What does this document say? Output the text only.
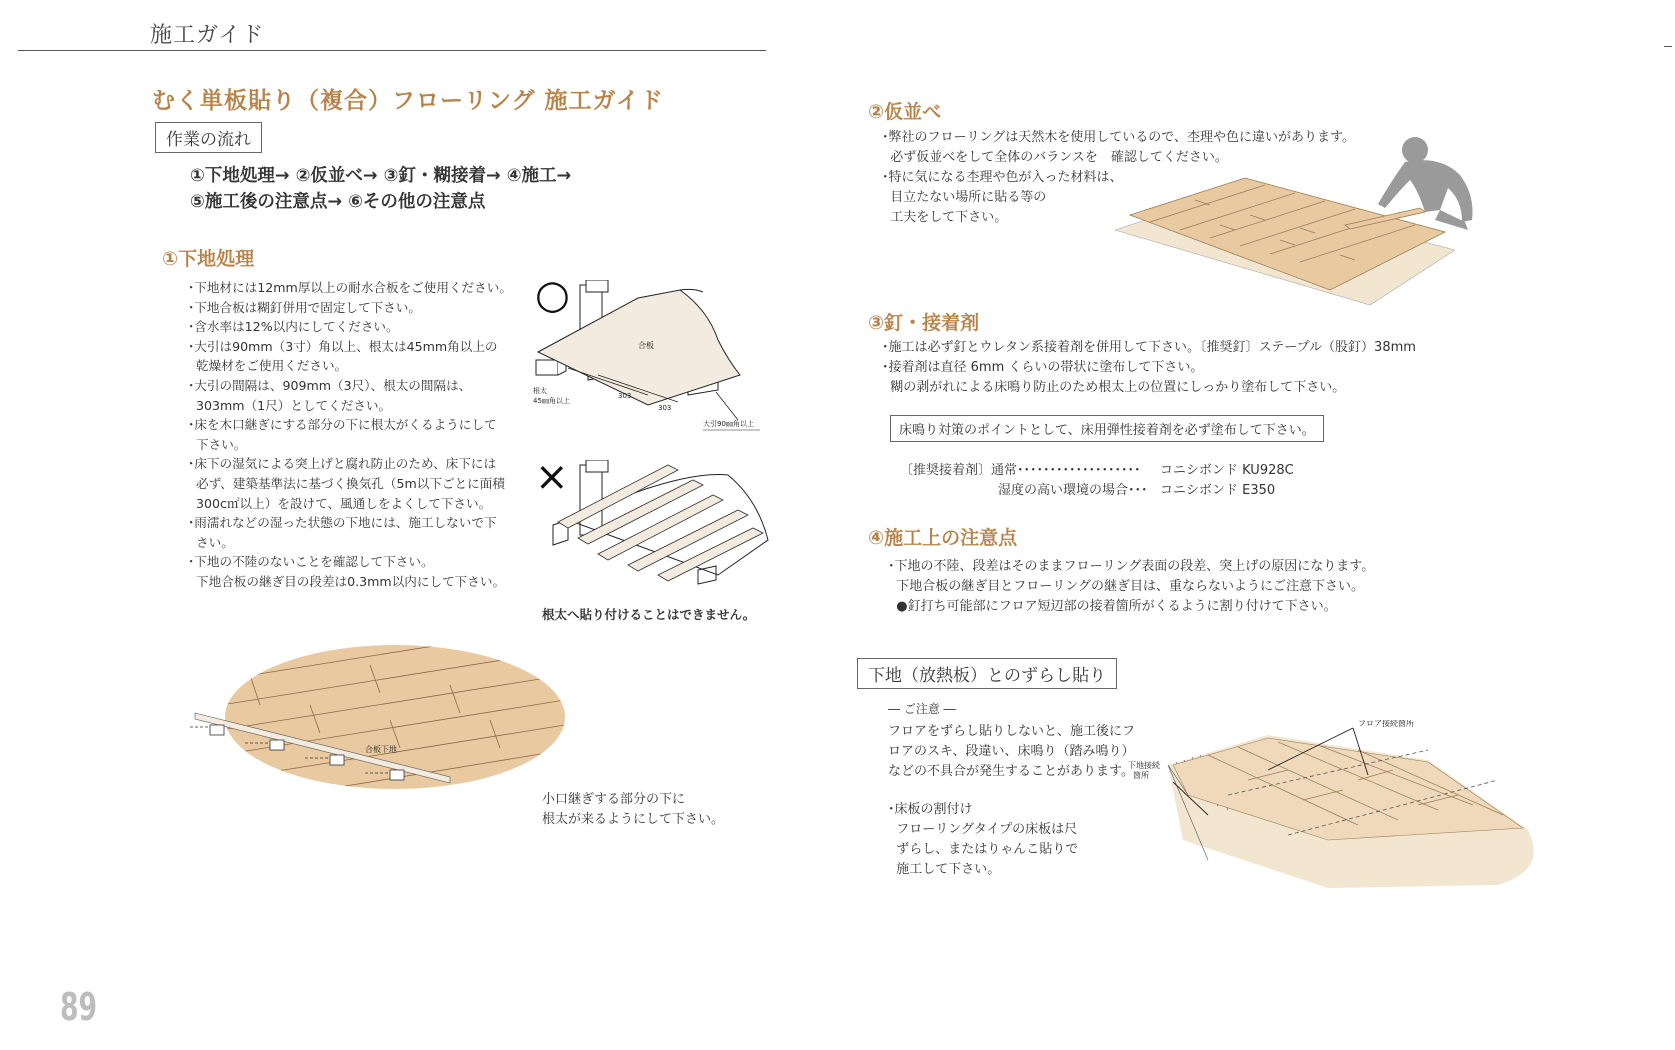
施工ガイド
むく単板貼り（複合）フローリング 施工ガイド
作業の流れ
①下地処理→ ②仮並べ→ ③釘・糊接着→ ④施工→
⑤施工後の注意点→ ⑥その他の注意点
①下地処理
･下地材には12mm厚以上の耐水合板をご使用ください。
･下地合板は糊釘併用で固定して下さい。
･含水率は12%以内にしてください。
･大引は90mm（3寸）角以上、根太は45mm角以上の
乾燥材をご使用ください。
･大引の間隔は、909mm（3尺）、根太の間隔は、
303mm（1尺）としてください。
･床を木口継ぎにする部分の下に根太がくるようにして
下さい。
･床下の湿気による突上げと腐れ防止のため、床下には
必ず、建築基準法に基づく換気孔（5m以下ごとに面積
300c㎡以上）を設けて、風通しをよくして下さい。
･雨濡れなどの湿った状態の下地には、施工しないで下
さい。
･下地の不陸のないことを確認して下さい。
下地合板の継ぎ目の段差は0.3mm以内にして下さい。
○
合板
根太
45㎜角以上
303
303
大引90㎜角以上
×
根太へ貼り付けることはできません。
合板下地
小口継ぎする部分の下に
根太が来るようにして下さい。
89
②仮並べ
･弊社のフローリングは天然木を使用しているので、杢理や色に違いがあります。
必ず仮並べをして全体のバランスを　確認してください。
･特に気になる杢理や色が入った材料は、
目立たない場所に貼る等の
工夫をして下さい。
③釘・接着剤
･施工は必ず釘とウレタン系接着剤を併用して下さい。〔推奨釘〕ステープル（股釘）38mm
･接着剤は直径 6mm くらいの帯状に塗布して下さい。
糊の剥がれによる床鳴り防止のため根太上の位置にしっかり塗布して下さい。
床鳴り対策のポイントとして、床用弾性接着剤を必ず塗布して下さい。
〔推奨接着剤〕通常･･･････････････････ コニシボンド KU928C
湿度の高い環境の場合･･･ コニシボンド E350
④施工上の注意点
･下地の不陸、段差はそのままフローリング表面の段差、突上げの原因になります。
下地合板の継ぎ目とフローリングの継ぎ目は、重ならないようにご注意下さい。
●釘打ち可能部にフロア短辺部の接着箇所がくるように割り付けて下さい。
下地（放熱板）とのずらし貼り
― ご注意 ―
フロアをずらし貼りしないと、施工後にフ
ロアのスキ、段違い、床鳴り（踏み鳴り）
などの不具合が発生することがあります。
･床板の割付け
フローリングタイプの床板は尺
ずらし、またはりゃんこ貼りで
施工して下さい。
フロア接続箇所
下地接続
箇所
